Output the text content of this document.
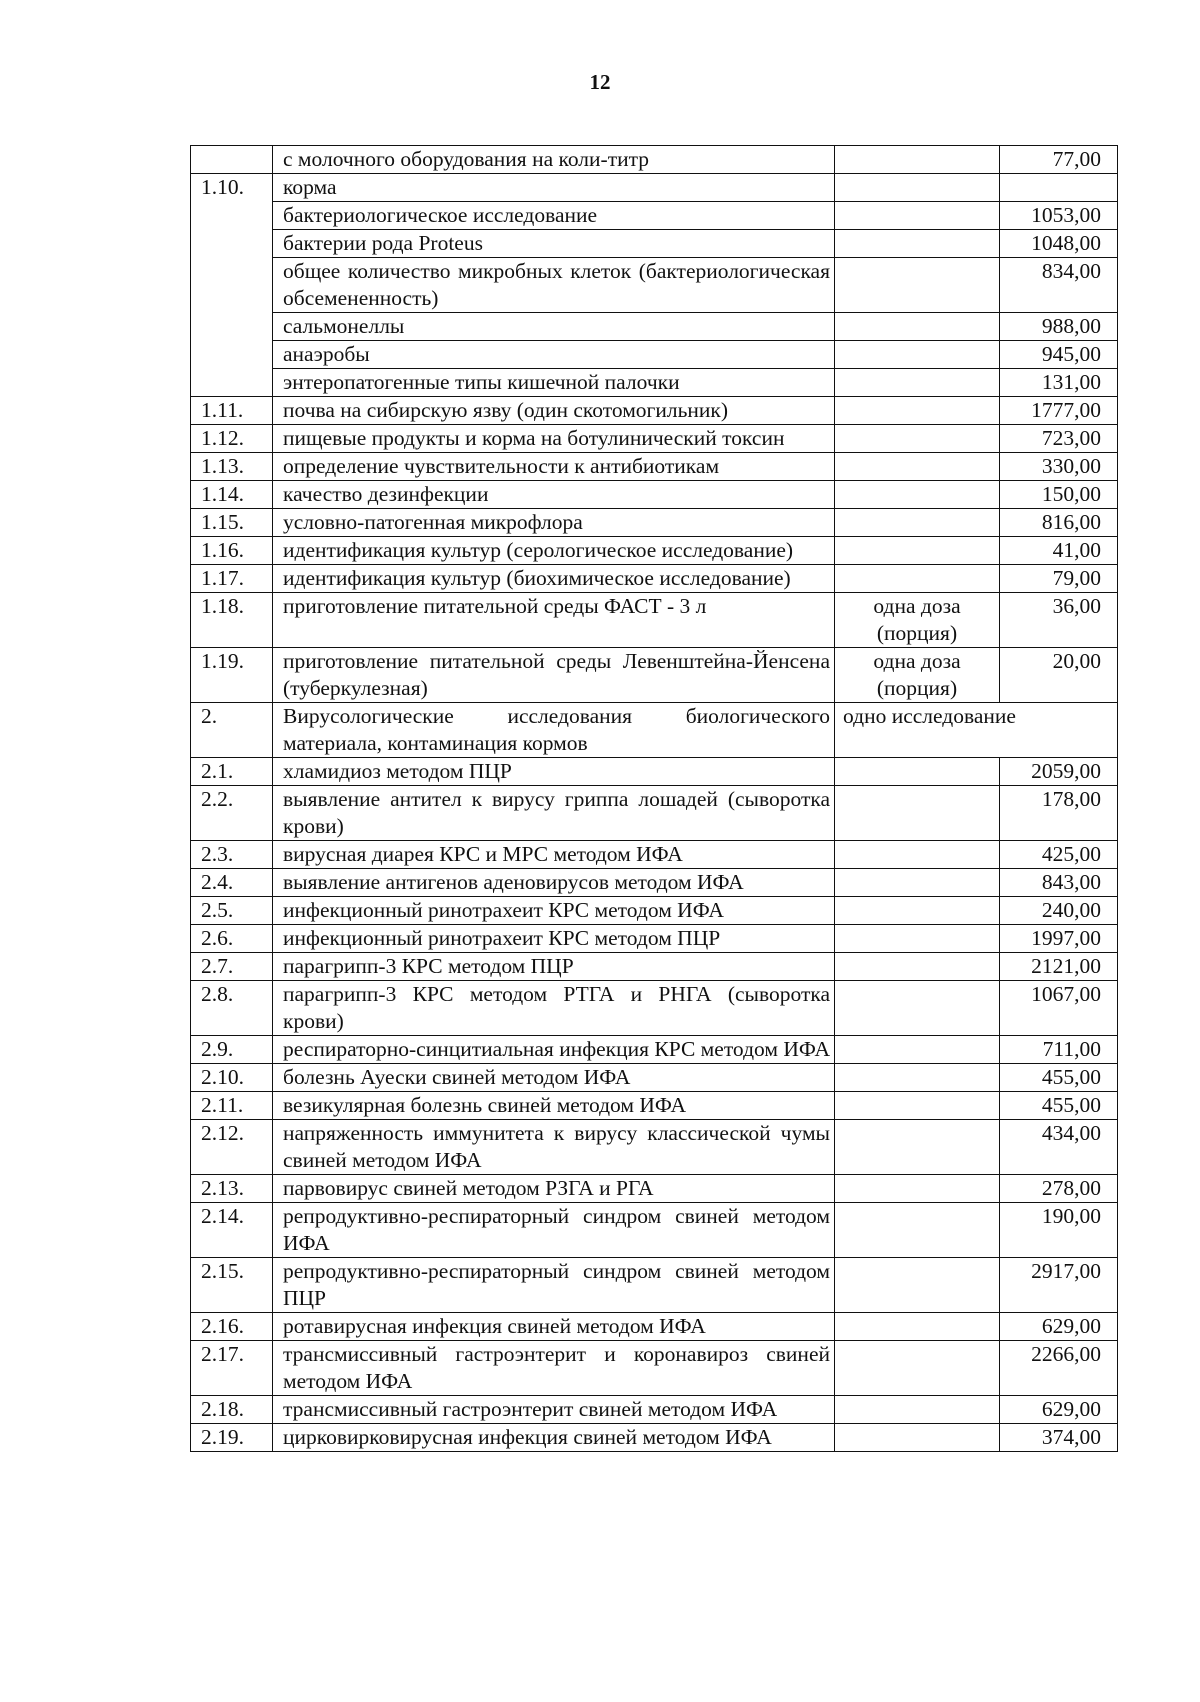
12
	с молочного оборудования на коли-титр		77,00
1.10.	корма		
	бактериологическое исследование		1053,00
	бактерии рода Proteus		1048,00
	общее количество микробных клеток (бактериологическая обсемененность)		834,00
	сальмонеллы		988,00
	анаэробы		945,00
	энтеропатогенные типы кишечной палочки		131,00
1.11.	почва на сибирскую язву (один скотомогильник)		1777,00
1.12.	пищевые продукты и корма на ботулинический токсин		723,00
1.13.	определение чувствительности к антибиотикам		330,00
1.14.	качество дезинфекции		150,00
1.15.	условно-патогенная микрофлора		816,00
1.16.	идентификация культур (серологическое исследование)		41,00
1.17.	идентификация культур (биохимическое исследование)		79,00
1.18.	приготовление питательной среды ФАСТ - 3 л	одна доза (порция)	36,00
1.19.	приготовление питательной среды Левенштейна-Йенсена (туберкулезная)	одна доза (порция)	20,00
2.	Вирусологические исследования биологического материала, контаминация кормов	одно исследование	
2.1.	хламидиоз методом ПЦР		2059,00
2.2.	выявление антител к вирусу гриппа лошадей (сыворотка крови)		178,00
2.3.	вирусная диарея КРС и МРС методом ИФА		425,00
2.4.	выявление антигенов аденовирусов методом ИФА		843,00
2.5.	инфекционный ринотрахеит КРС методом ИФА		240,00
2.6.	инфекционный ринотрахеит КРС методом ПЦР		1997,00
2.7.	парагрипп-3 КРС методом ПЦР		2121,00
2.8.	парагрипп-3 КРС методом РТГА и РНГА (сыворотка крови)		1067,00
2.9.	респираторно-синцитиальная инфекция КРС методом ИФА		711,00
2.10.	болезнь Ауески свиней методом ИФА		455,00
2.11.	везикулярная болезнь свиней методом ИФА		455,00
2.12.	напряженность иммунитета к вирусу классической чумы свиней методом ИФА		434,00
2.13.	парвовирус свиней методом РЗГА и РГА		278,00
2.14.	репродуктивно-респираторный синдром свиней методом ИФА		190,00
2.15.	репродуктивно-респираторный синдром свиней методом ПЦР		2917,00
2.16.	ротавирусная инфекция свиней методом ИФА		629,00
2.17.	трансмиссивный гастроэнтерит и коронавироз свиней методом ИФА		2266,00
2.18.	трансмиссивный гастроэнтерит свиней методом ИФА		629,00
2.19.	цирковирковирусная инфекция свиней методом ИФА		374,00
